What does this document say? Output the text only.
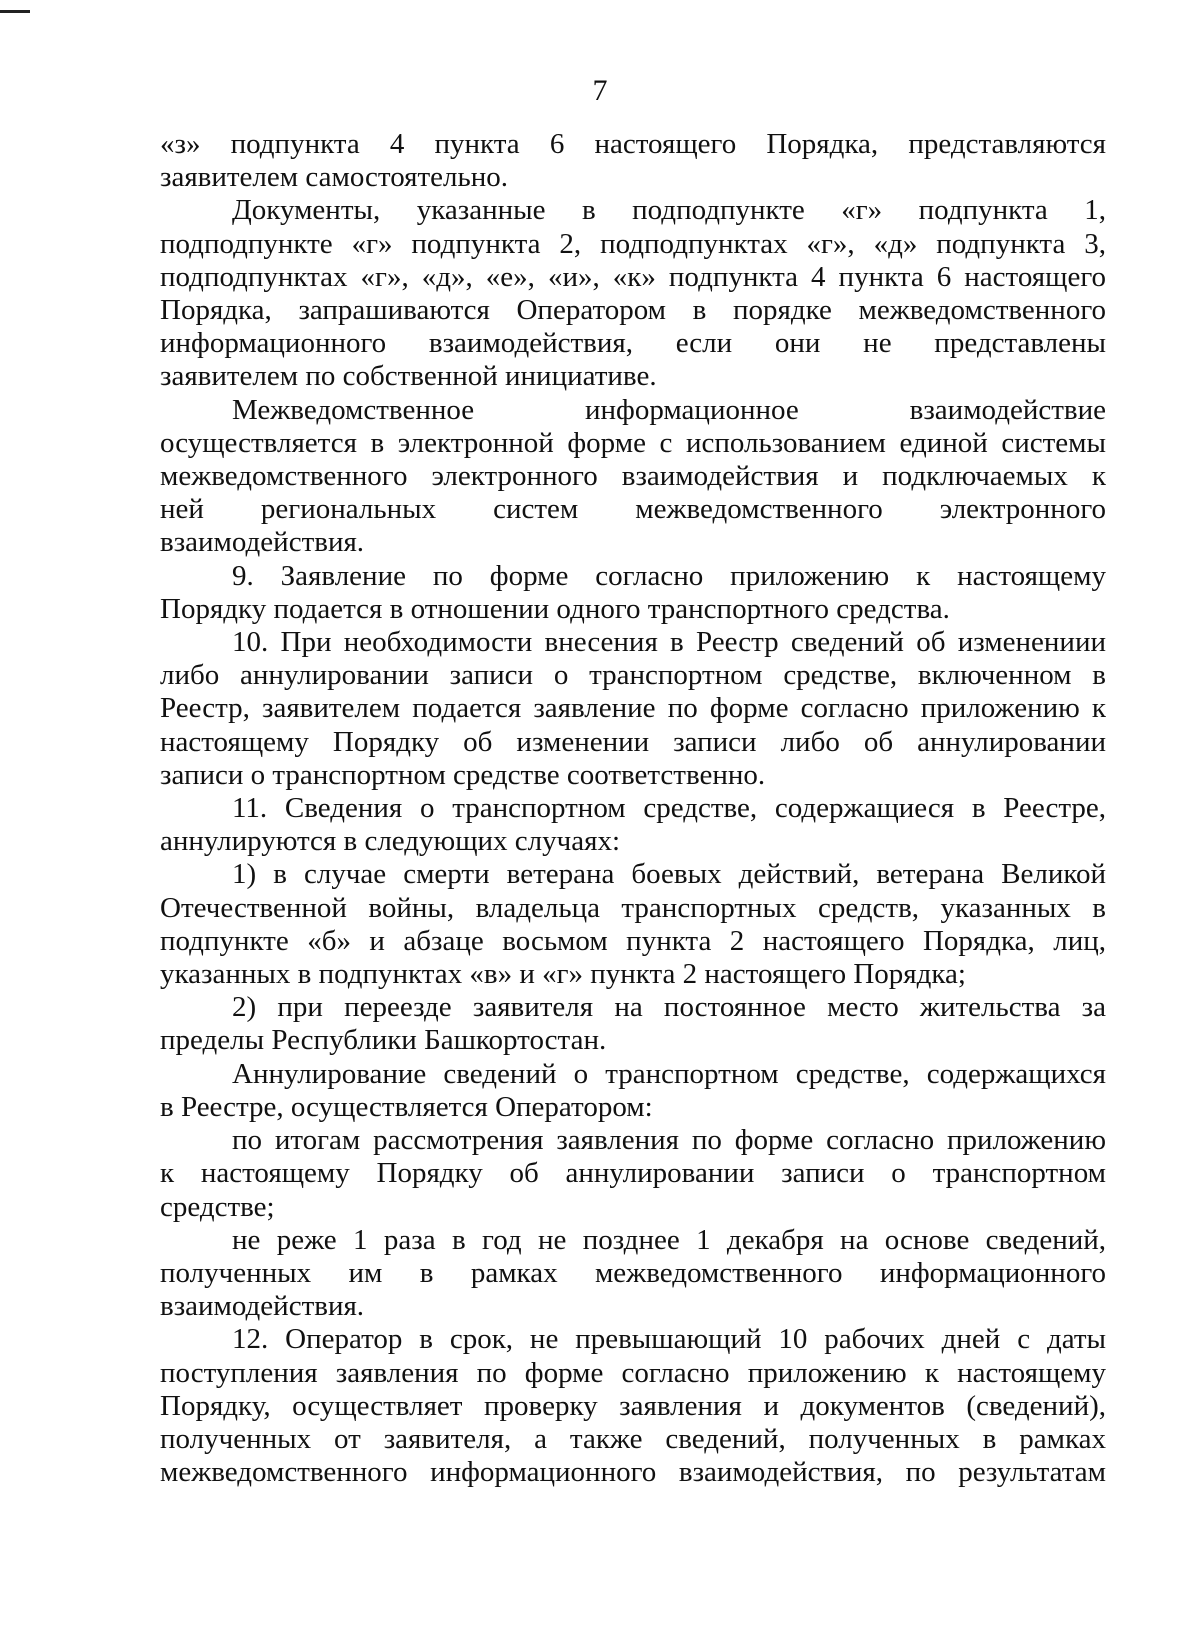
7

«з» подпункта 4 пункта 6 настоящего Порядка, представляются

заявителем самостоятельно.

Документы, указанные в подподпункте «г» подпункта 1,

подподпункте «г» подпункта 2, подподпунктах «г», «д» подпункта 3,

подподпунктах «г», «д», «е», «и», «к» подпункта 4 пункта 6 настоящего

Порядка, запрашиваются Оператором в порядке межведомственного

информационного взаимодействия, если они не представлены

заявителем по собственной инициативе.

Межведомственное информационное взаимодействие

осуществляется в электронной форме с использованием единой системы

межведомственного электронного взаимодействия и подключаемых к

ней региональных систем межведомственного электронного

взаимодействия.

9. Заявление по форме согласно приложению к настоящему

Порядку подается в отношении одного транспортного средства.

10. При необходимости внесения в Реестр сведений об изменениии

либо аннулировании записи о транспортном средстве, включенном в

Реестр, заявителем подается заявление по форме согласно приложению к

настоящему Порядку об изменении записи либо об аннулировании

записи о транспортном средстве соответственно.

11. Сведения о транспортном средстве, содержащиеся в Реестре,

аннулируются в следующих случаях:

1) в случае смерти ветерана боевых действий, ветерана Великой

Отечественной войны, владельца транспортных средств, указанных в

подпункте «б» и абзаце восьмом пункта 2 настоящего Порядка, лиц,

указанных в подпунктах «в» и «г» пункта 2 настоящего Порядка;

2) при переезде заявителя на постоянное место жительства за

пределы Республики Башкортостан.

Аннулирование сведений о транспортном средстве, содержащихся

в Реестре, осуществляется Оператором:

по итогам рассмотрения заявления по форме согласно приложению

к настоящему Порядку об аннулировании записи о транспортном

средстве;

не реже 1 раза в год не позднее 1 декабря на основе сведений,

полученных им в рамках межведомственного информационного

взаимодействия.

12. Оператор в срок, не превышающий 10 рабочих дней с даты

поступления заявления по форме согласно приложению к настоящему

Порядку, осуществляет проверку заявления и документов (сведений),

полученных от заявителя, а также сведений, полученных в рамках

межведомственного информационного взаимодействия, по результатам
